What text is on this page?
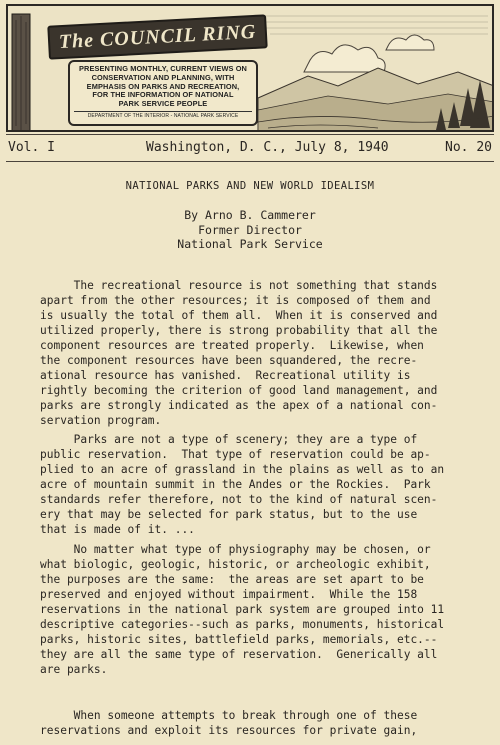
The COUNCIL RING
PRESENTING MONTHLY, CURRENT VIEWS ON
CONSERVATION AND PLANNING, WITH
EMPHASIS ON PARKS AND RECREATION,
FOR THE INFORMATION OF NATIONAL
PARK SERVICE PEOPLE
DEPARTMENT OF THE INTERIOR - NATIONAL PARK SERVICE
Vol. I	Washington, D. C., July 8, 1940	No. 20
NATIONAL PARKS AND NEW WORLD IDEALISM
By Arno B. Cammerer
Former Director
National Park Service
The recreational resource is not something that stands
apart from the other resources; it is composed of them and
is usually the total of them all.  When it is conserved and
utilized properly, there is strong probability that all the
component resources are treated properly.  Likewise, when
the component resources have been squandered, the recre-
ational resource has vanished.  Recreational utility is
rightly becoming the criterion of good land management, and
parks are strongly indicated as the apex of a national con-
servation program.
Parks are not a type of scenery; they are a type of
public reservation.  That type of reservation could be ap-
plied to an acre of grassland in the plains as well as to an
acre of mountain summit in the Andes or the Rockies.  Park
standards refer therefore, not to the kind of natural scen-
ery that may be selected for park status, but to the use
that is made of it. ...
No matter what type of physiography may be chosen, or
what biologic, geologic, historic, or archeologic exhibit,
the purposes are the same:  the areas are set apart to be
preserved and enjoyed without impairment.  While the 158
reservations in the national park system are grouped into 11
descriptive categories--such as parks, monuments, historical
parks, historic sites, battlefield parks, memorials, etc.--
they are all the same type of reservation.  Generically all
are parks.
When someone attempts to break through one of these
reservations and exploit its resources for private gain,
